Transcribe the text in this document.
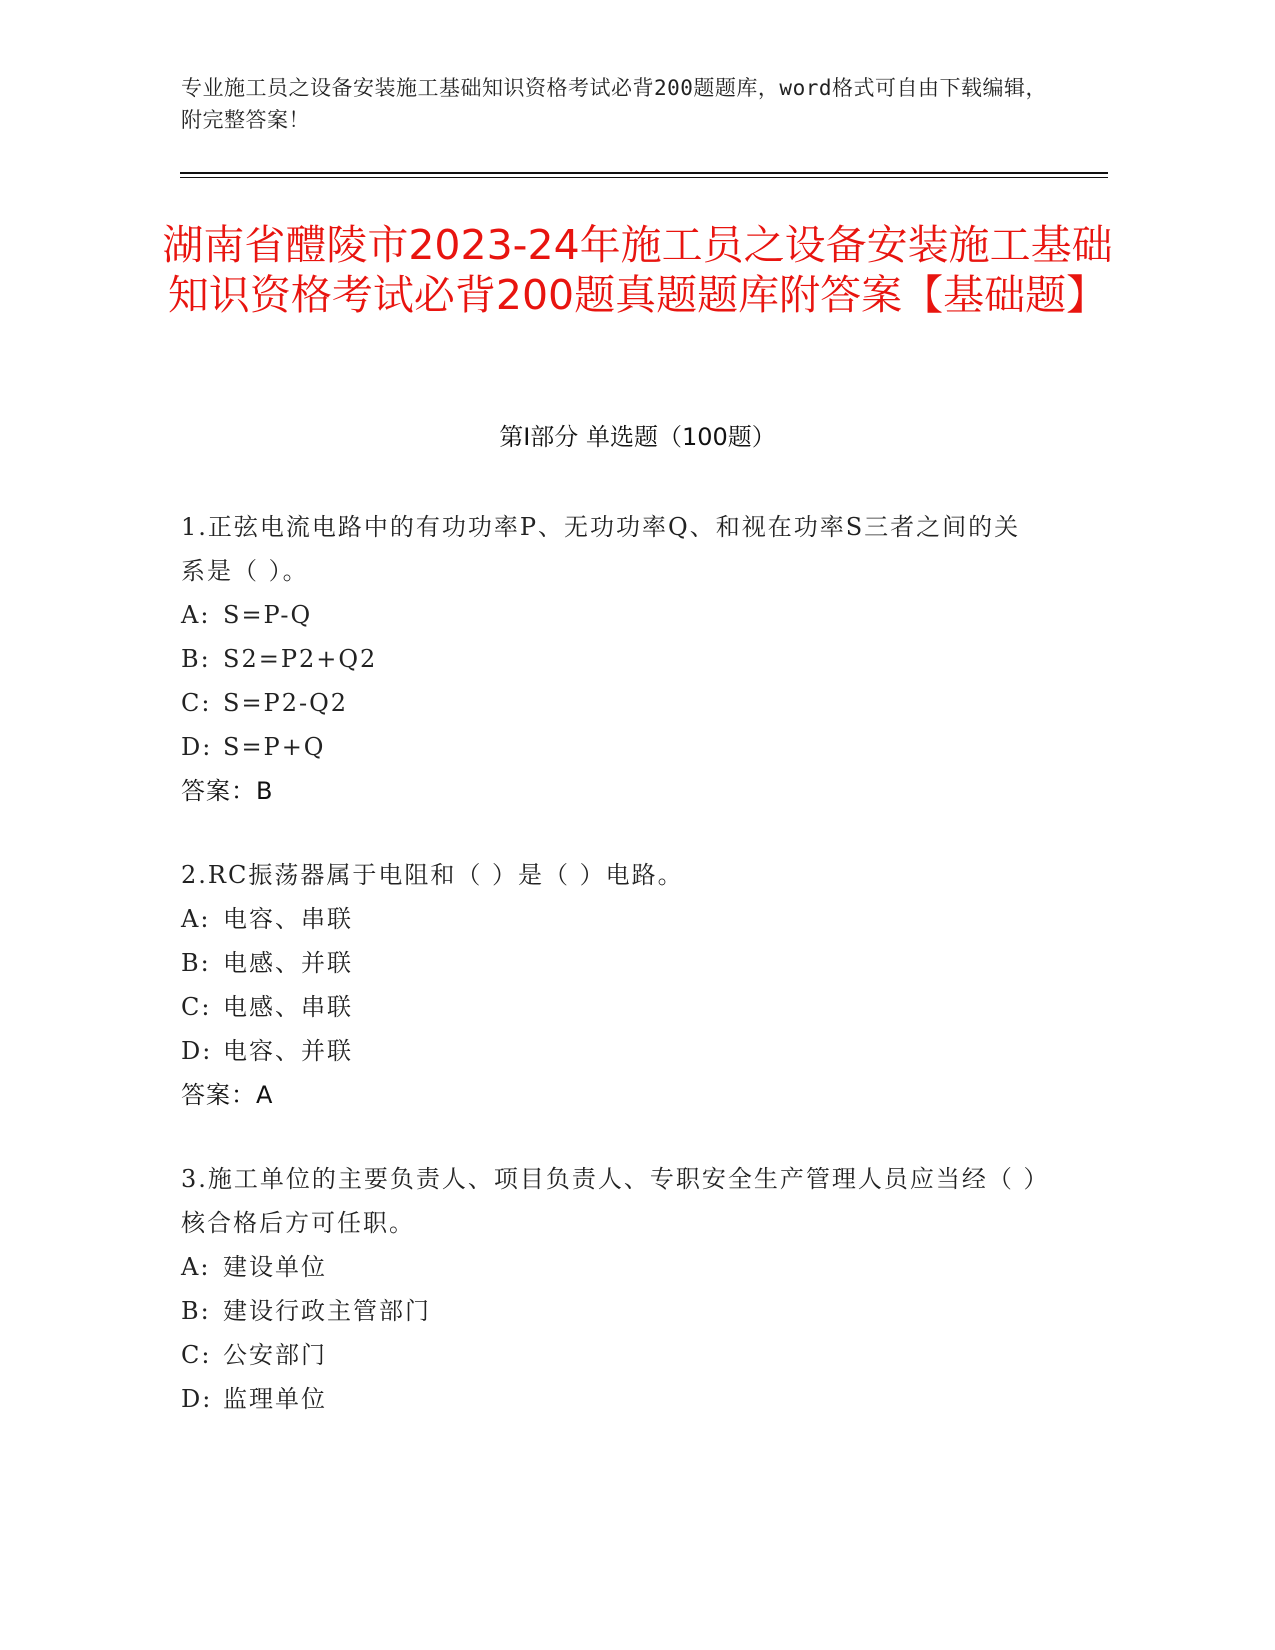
专业施工员之设备安装施工基础知识资格考试必背200题题库，word格式可自由下载编辑，附完整答案！
湖南省醴陵市2023-24年施工员之设备安装施工基础知识资格考试必背200题真题题库附答案【基础题】
第I部分 单选题（100题）
1.正弦电流电路中的有功功率P、无功功率Q、和视在功率S三者之间的关系是（ ）。
A: S=P-Q
B: S2=P2+Q2
C: S=P2-Q2
D: S=P+Q
答案：B
2.RC振荡器属于电阻和（ ）是（ ）电路。
A: 电容、串联
B: 电感、并联
C: 电感、串联
D: 电容、并联
答案：A
3.施工单位的主要负责人、项目负责人、专职安全生产管理人员应当经（ ）核合格后方可任职。
A: 建设单位
B: 建设行政主管部门
C: 公安部门
D: 监理单位
